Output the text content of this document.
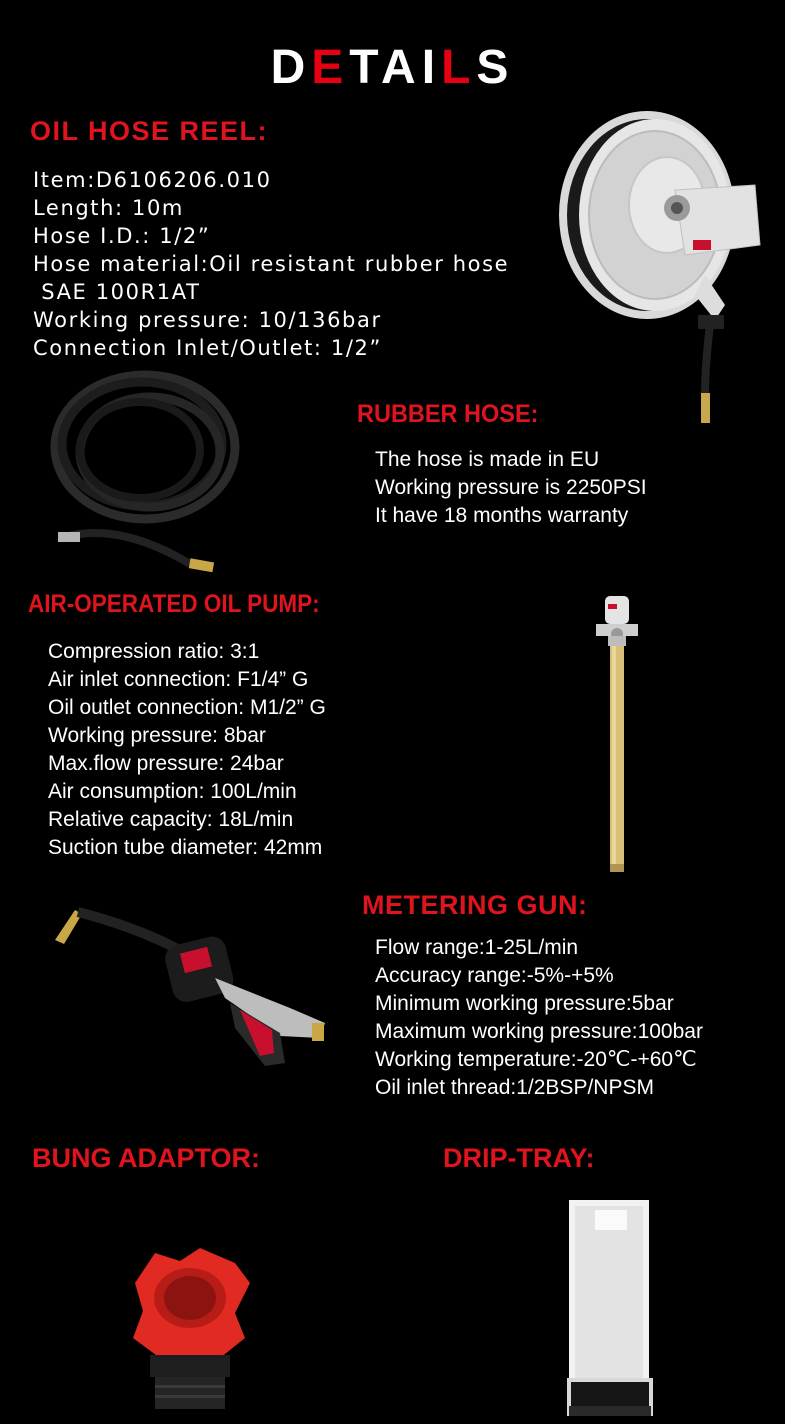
DETAILS
OIL HOSE REEL:
Item:D6106206.010
Length: 10m
Hose I.D.: 1/2”
Hose material:Oil resistant rubber hose
SAE 100R1AT
Working pressure: 10/136bar
Connection Inlet/Outlet: 1/2”
RUBBER HOSE:
The hose is made in EU
Working pressure is 2250PSI
It have 18 months warranty
AIR-OPERATED OIL PUMP:
Compression ratio: 3:1
Air inlet connection: F1/4” G
Oil outlet connection: M1/2” G
Working pressure: 8bar
Max.flow pressure: 24bar
Air consumption: 100L/min
Relative capacity: 18L/min
Suction tube diameter: 42mm
METERING GUN:
Flow range:1-25L/min
Accuracy range:-5%-+5%
Minimum working pressure:5bar
Maximum working pressure:100bar
Working temperature:-20℃-+60℃
Oil inlet thread:1/2BSP/NPSM
BUNG ADAPTOR:	DRIP-TRAY:
